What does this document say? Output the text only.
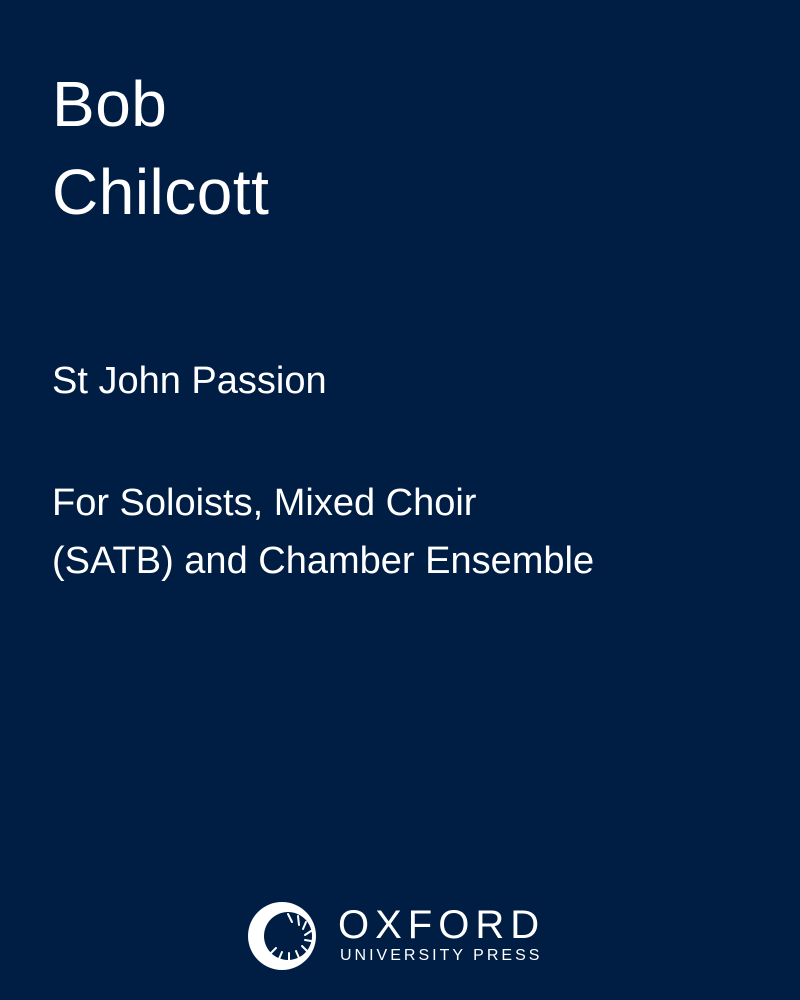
Bob
Chilcott
St John Passion

For Soloists, Mixed Choir
(SATB) and Chamber Ensemble

OXFORD
UNIVERSITY PRESS
